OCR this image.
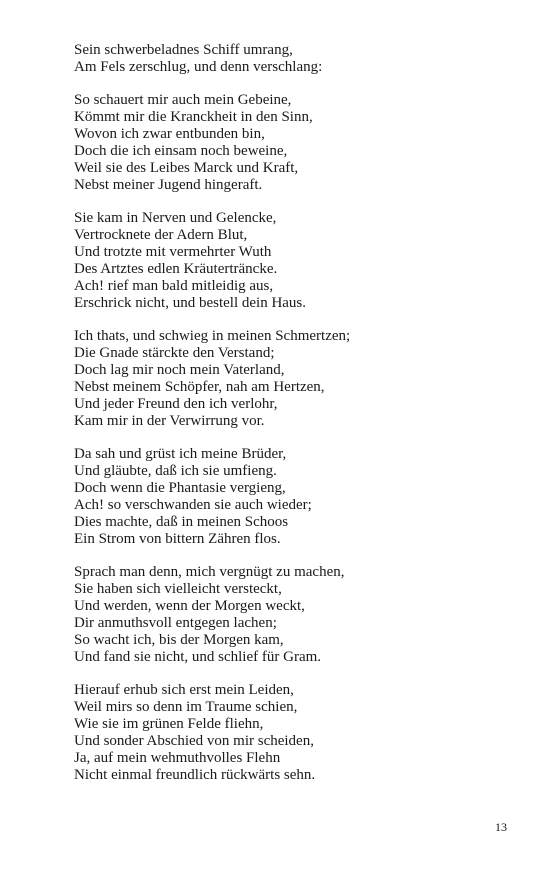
Sein schwerbeladnes Schiff umrang,
Am Fels zerschlug, und denn verschlang:
So schauert mir auch mein Gebeine,
Kömmt mir die Kranckheit in den Sinn,
Wovon ich zwar entbunden bin,
Doch die ich einsam noch beweine,
Weil sie des Leibes Marck und Kraft,
Nebst meiner Jugend hingeraft.
Sie kam in Nerven und Gelencke,
Vertrocknete der Adern Blut,
Und trotzte mit vermehrter Wuth
Des Artztes edlen Kräuterträncke.
Ach! rief man bald mitleidig aus,
Erschrick nicht, und bestell dein Haus.
Ich thats, und schwieg in meinen Schmertzen;
Die Gnade stärckte den Verstand;
Doch lag mir noch mein Vaterland,
Nebst meinem Schöpfer, nah am Hertzen,
Und jeder Freund den ich verlohr,
Kam mir in der Verwirrung vor.
Da sah und grüst ich meine Brüder,
Und gläubte, daß ich sie umfieng.
Doch wenn die Phantasie vergieng,
Ach! so verschwanden sie auch wieder;
Dies machte, daß in meinen Schoos
Ein Strom von bittern Zähren flos.
Sprach man denn, mich vergnügt zu machen,
Sie haben sich vielleicht versteckt,
Und werden, wenn der Morgen weckt,
Dir anmuthsvoll entgegen lachen;
So wacht ich, bis der Morgen kam,
Und fand sie nicht, und schlief für Gram.
Hierauf erhub sich erst mein Leiden,
Weil mirs so denn im Traume schien,
Wie sie im grünen Felde fliehn,
Und sonder Abschied von mir scheiden,
Ja, auf mein wehmuthvolles Flehn
Nicht einmal freundlich rückwärts sehn.
13
